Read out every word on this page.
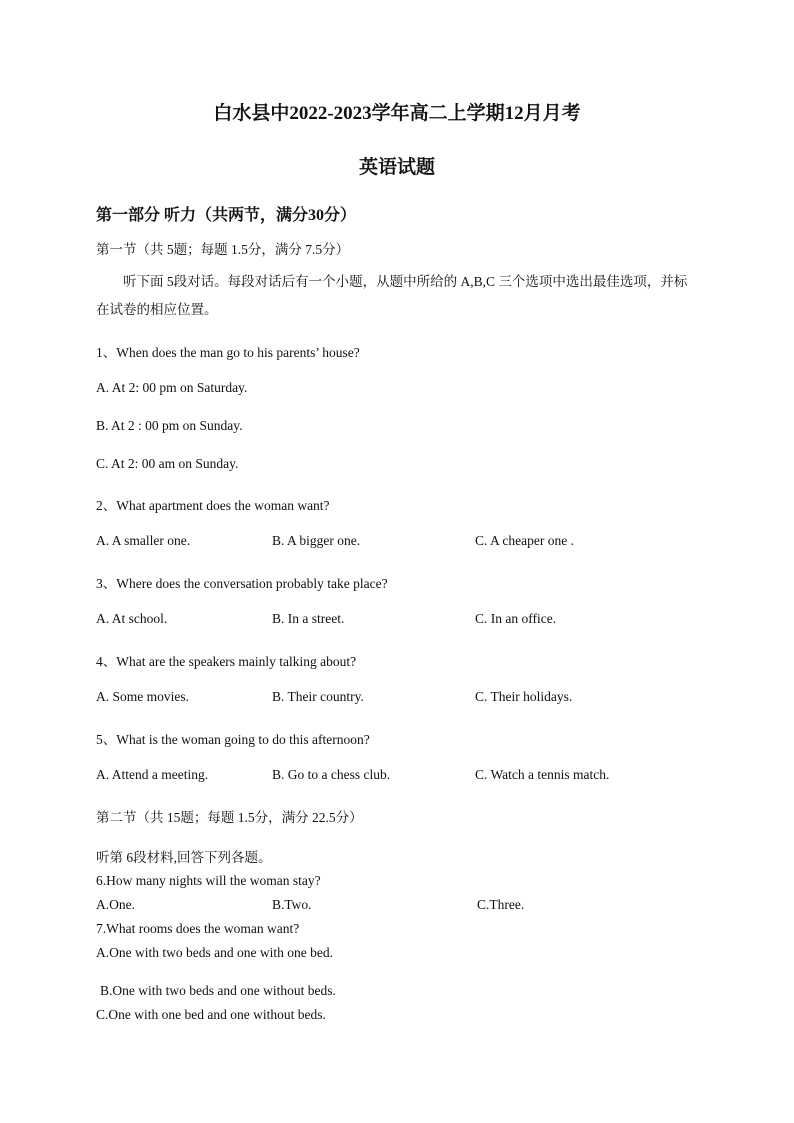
白水县中2022-2023学年高二上学期12月月考
英语试题
第一部分 听力（共两节，满分30分）
第一节（共 5题；每题 1.5分，满分 7.5分）
听下面 5段对话。每段对话后有一个小题，从题中所给的 A,B,C 三个选项中选出最佳选项，并标在试卷的相应位置。
1、When does the man go to his parents’ house?
A. At 2: 00 pm on Saturday.
B. At 2 : 00 pm on Sunday.
C. At 2: 00 am on Sunday.
2、What apartment does the woman want?
A. A smaller one.	B. A bigger one.	C. A cheaper one .
3、Where does the conversation probably take place?
A. At school.	B. In a street.	C. In an office.
4、What are the speakers mainly talking about?
A. Some movies.	B. Their country.	C. Their holidays.
5、What is the woman going to do this afternoon?
A. Attend a meeting.	B. Go to a chess club.	C. Watch a tennis match.
第二节（共 15题；每题 1.5分，满分 22.5分）
听第 6段材料,回答下列各题。
6.How many nights will the woman stay?
A.One.	B.Two.	C.Three.
7.What rooms does the woman want?
A.One with two beds and one with one bed.
B.One with two beds and one without beds.
C.One with one bed and one without beds.
